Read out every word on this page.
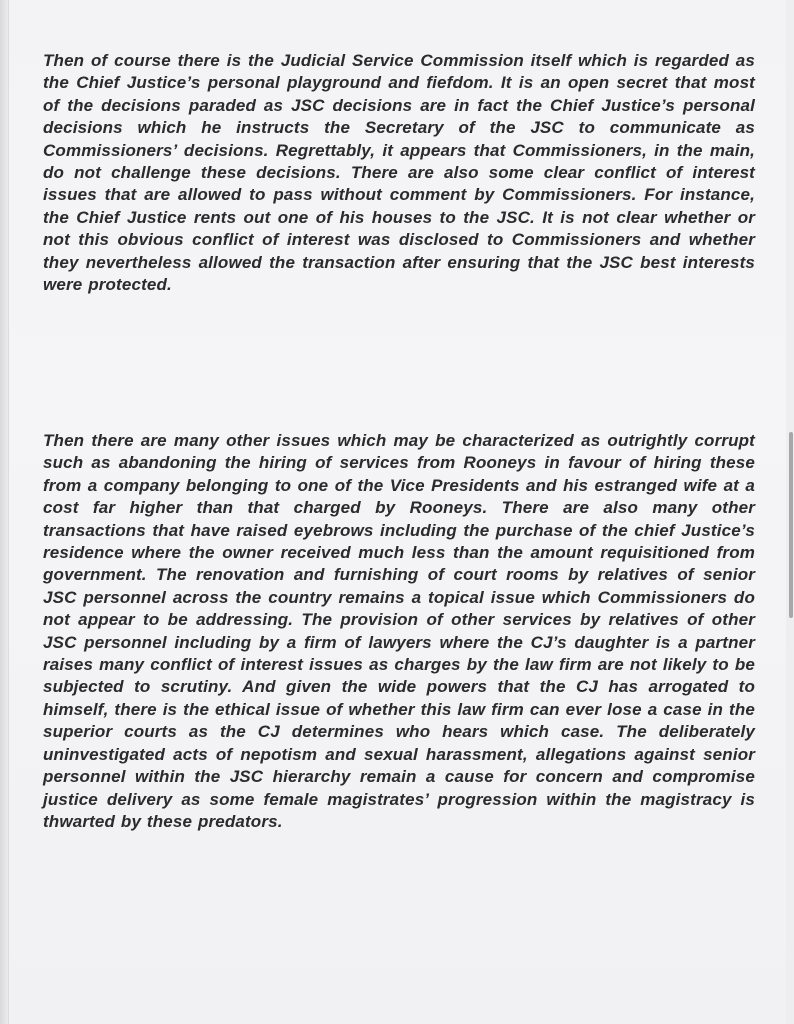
Then of course there is the Judicial Service Commission itself which is regarded as the Chief Justice’s personal playground and fiefdom. It is an open secret that most of the decisions paraded as JSC decisions are in fact the Chief Justice’s personal decisions which he instructs the Secretary of the JSC to communicate as Commissioners’ decisions. Regrettably, it appears that Commissioners, in the main, do not challenge these decisions. There are also some clear conflict of interest issues that are allowed to pass without comment by Commissioners. For instance, the Chief Justice rents out one of his houses to the JSC. It is not clear whether or not this obvious conflict of interest was disclosed to Commissioners and whether they nevertheless allowed the transaction after ensuring that the JSC best interests were protected.

Then there are many other issues which may be characterized as outrightly corrupt such as abandoning the hiring of services from Rooneys in favour of hiring these from a company belonging to one of the Vice Presidents and his estranged wife at a cost far higher than that charged by Rooneys. There are also many other transactions that have raised eyebrows including the purchase of the chief Justice’s residence where the owner received much less than the amount requisitioned from government. The renovation and furnishing of court rooms by relatives of senior JSC personnel across the country remains a topical issue which Commissioners do not appear to be addressing. The provision of other services by relatives of other JSC personnel including by a firm of lawyers where the CJ’s daughter is a partner raises many conflict of interest issues as charges by the law firm are not likely to be subjected to scrutiny. And given the wide powers that the CJ has arrogated to himself, there is the ethical issue of whether this law firm can ever lose a case in the superior courts as the CJ determines who hears which case. The deliberately uninvestigated acts of nepotism and sexual harassment, allegations against senior personnel within the JSC hierarchy remain a cause for concern and compromise justice delivery as some female magistrates’ progression within the magistracy is thwarted by these predators.
